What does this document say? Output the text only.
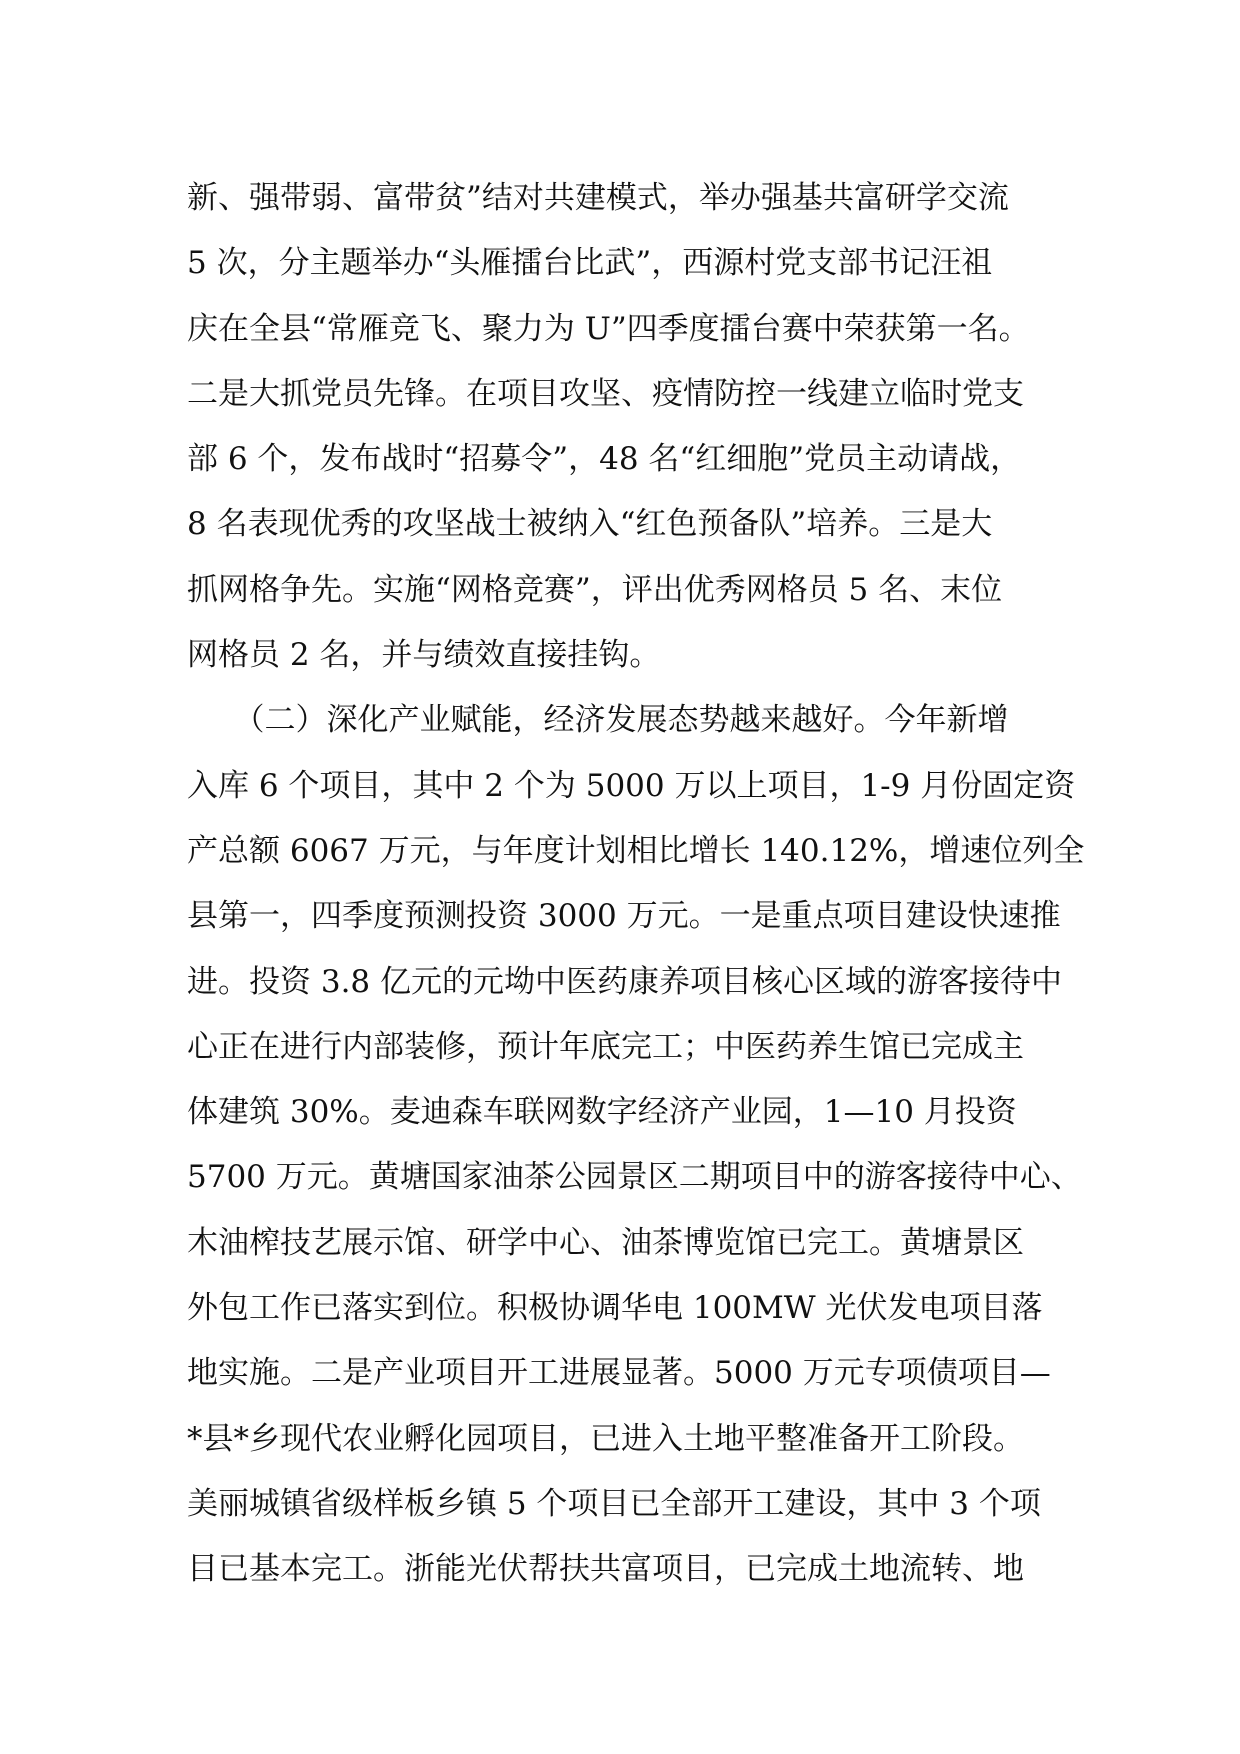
新、强带弱、富带贫”结对共建模式，举办强基共富研学交流
5 次，分主题举办“头雁擂台比武”，西源村党支部书记汪祖
庆在全县“常雁竞飞、聚力为 U”四季度擂台赛中荣获第一名。
二是大抓党员先锋。在项目攻坚、疫情防控一线建立临时党支
部 6 个，发布战时“招募令”，48 名“红细胞”党员主动请战，
8 名表现优秀的攻坚战士被纳入“红色预备队”培养。三是大
抓网格争先。实施“网格竞赛”，评出优秀网格员 5 名、末位
网格员 2 名，并与绩效直接挂钩。
　　（二）深化产业赋能，经济发展态势越来越好。今年新增
入库 6 个项目，其中 2 个为 5000 万以上项目，1-9 月份固定资
产总额 6067 万元，与年度计划相比增长 140.12%，增速位列全
县第一，四季度预测投资 3000 万元。一是重点项目建设快速推
进。投资 3.8 亿元的元坳中医药康养项目核心区域的游客接待中
心正在进行内部装修，预计年底完工；中医药养生馆已完成主
体建筑 30%。麦迪森车联网数字经济产业园，1—10 月投资
5700 万元。黄塘国家油茶公园景区二期项目中的游客接待中心、
木油榨技艺展示馆、研学中心、油茶博览馆已完工。黄塘景区
外包工作已落实到位。积极协调华电 100MW 光伏发电项目落
地实施。二是产业项目开工进展显著。5000 万元专项债项目—
*县*乡现代农业孵化园项目，已进入土地平整准备开工阶段。
美丽城镇省级样板乡镇 5 个项目已全部开工建设，其中 3 个项
目已基本完工。浙能光伏帮扶共富项目，已完成土地流转、地
